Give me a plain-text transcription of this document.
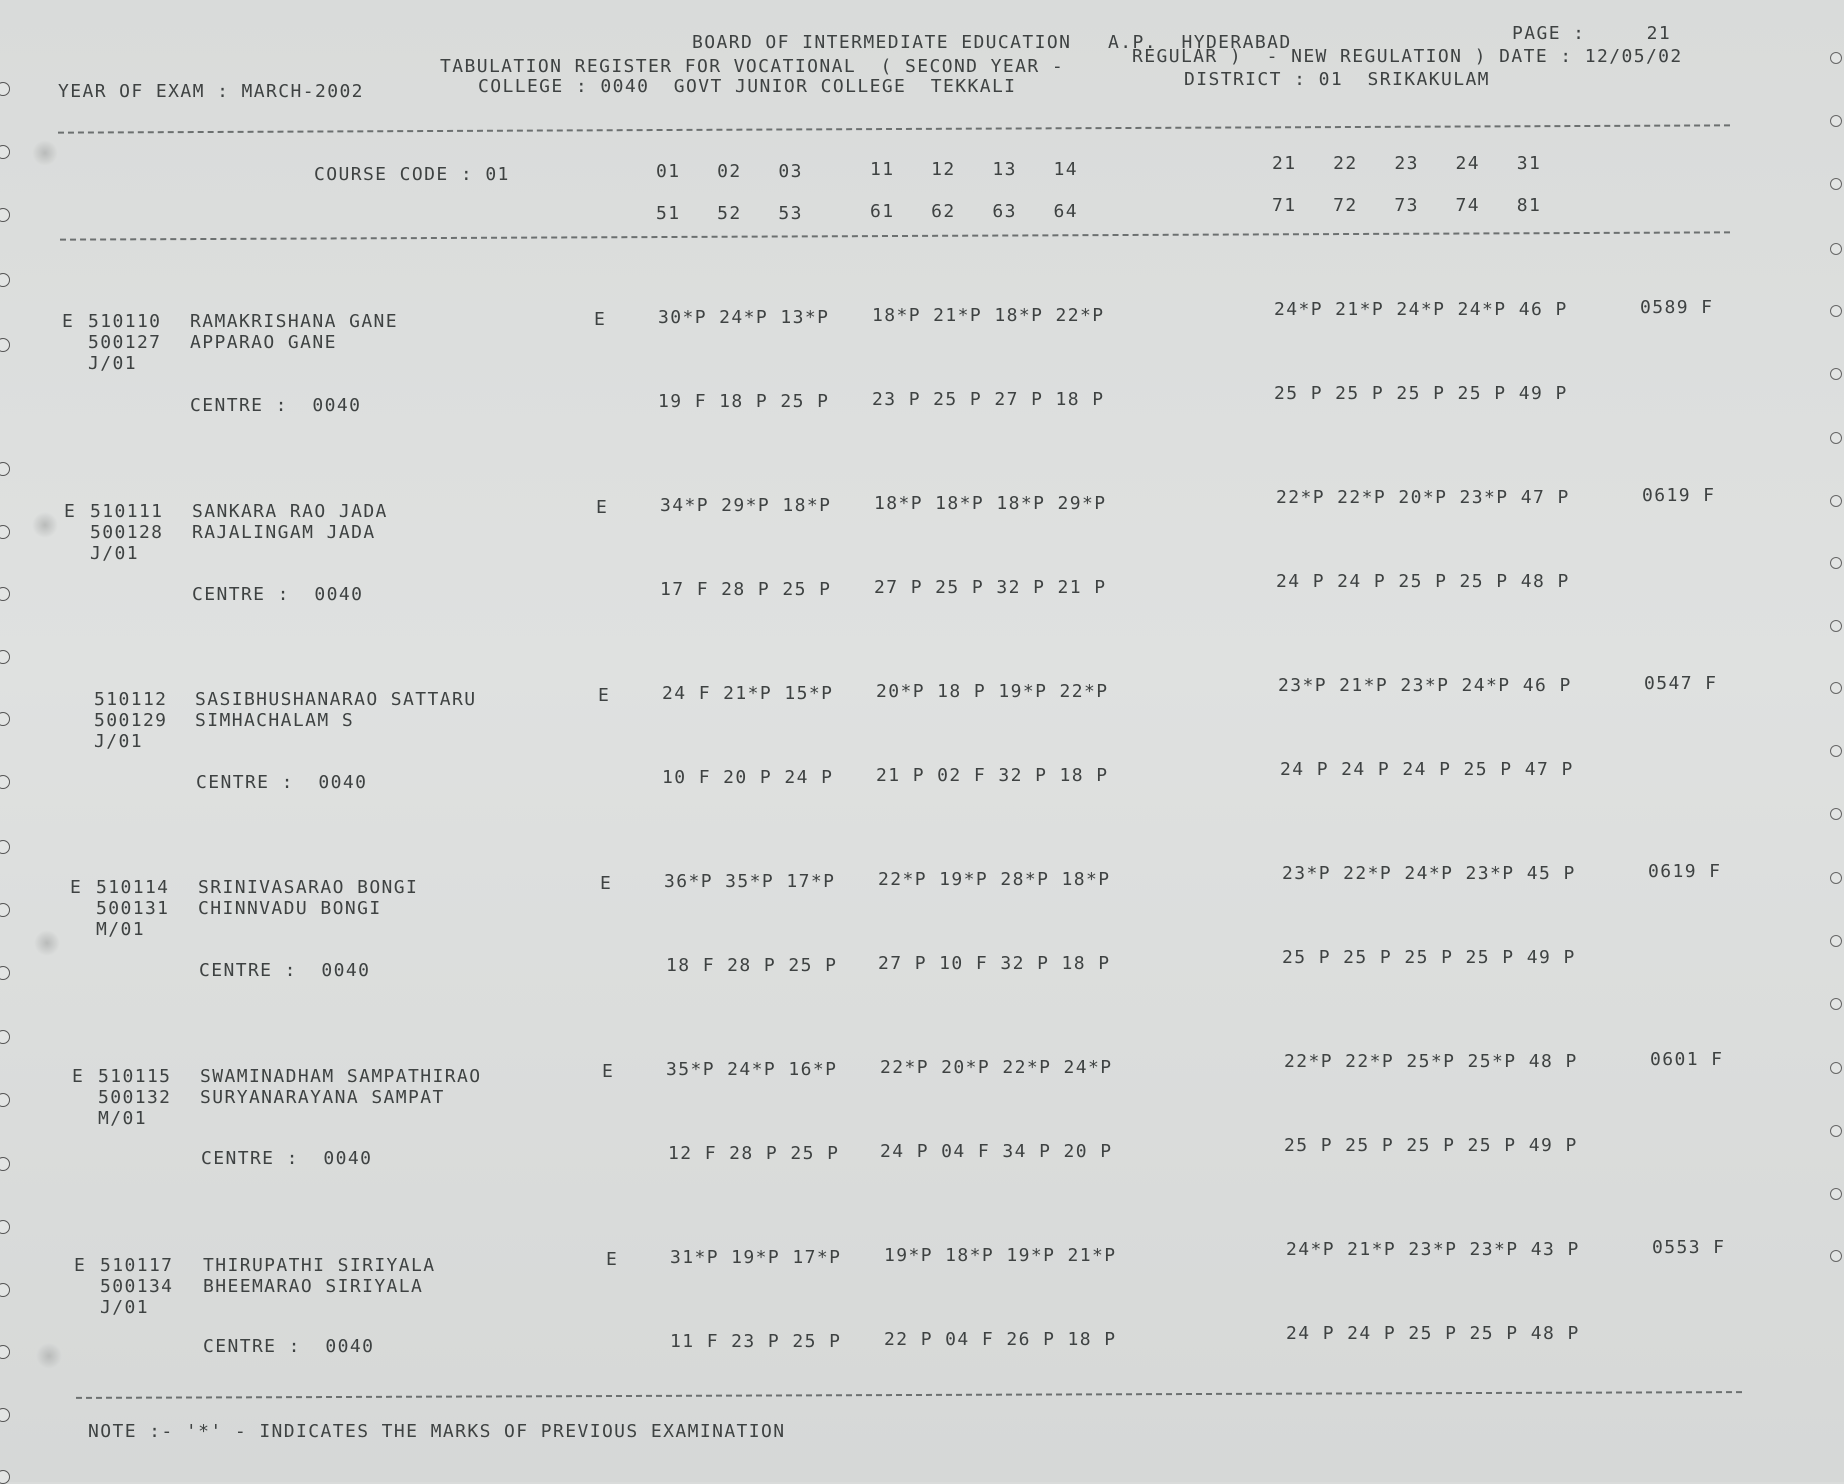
BOARD OF INTERMEDIATE EDUCATION   A.P.  HYDERABAD
TABULATION REGISTER FOR VOCATIONAL  ( SECOND YEAR -	REGULAR )  - NEW REGULATION ) DATE : 12/05/02
PAGE :     21
YEAR OF EXAM : MARCH-2002	COLLEGE : 0040  GOVT JUNIOR COLLEGE  TEKKALI	DISTRICT : 01  SRIKAKULAM
COURSE CODE : 01	01   02   03	11   12   13   14	21   22   23   24   31
51   52   53	61   62   63   64	71   72   73   74   81
E 510110 RAMAKRISHANA GANE
500127 APPARAO GANE
J/01
E	30*P 24*P 13*P 18*P 21*P 18*P 22*P	24*P 21*P 24*P 24*P 46 P	0589 F
CENTRE :  0040	19 F 18 P 25 P 23 P 25 P 27 P 18 P	25 P 25 P 25 P 25 P 49 P
E 510111 SANKARA RAO JADA
500128 RAJALINGAM JADA
J/01
E	34*P 29*P 18*P 18*P 18*P 18*P 29*P	22*P 22*P 20*P 23*P 47 P	0619 F
CENTRE :  0040	17 F 28 P 25 P 27 P 25 P 32 P 21 P	24 P 24 P 25 P 25 P 48 P
510112 SASIBHUSHANARAO SATTARU
500129 SIMHACHALAM S
J/01
E	24 F 21*P 15*P 20*P 18 P 19*P 22*P	23*P 21*P 23*P 24*P 46 P	0547 F
CENTRE :  0040	10 F 20 P 24 P 21 P 02 F 32 P 18 P	24 P 24 P 24 P 25 P 47 P
E 510114 SRINIVASARAO BONGI
500131 CHINNVADU BONGI
M/01
E	36*P 35*P 17*P 22*P 19*P 28*P 18*P	23*P 22*P 24*P 23*P 45 P	0619 F
CENTRE :  0040	18 F 28 P 25 P 27 P 10 F 32 P 18 P	25 P 25 P 25 P 25 P 49 P
E 510115 SWAMINADHAM SAMPATHIRAO
500132 SURYANARAYANA SAMPAT
M/01
E	35*P 24*P 16*P 22*P 20*P 22*P 24*P	22*P 22*P 25*P 25*P 48 P	0601 F
CENTRE :  0040	12 F 28 P 25 P 24 P 04 F 34 P 20 P	25 P 25 P 25 P 25 P 49 P
E 510117 THIRUPATHI SIRIYALA
500134 BHEEMARAO SIRIYALA
J/01
E	31*P 19*P 17*P 19*P 18*P 19*P 21*P	24*P 21*P 23*P 23*P 43 P	0553 F
CENTRE :  0040	11 F 23 P 25 P 22 P 04 F 26 P 18 P	24 P 24 P 25 P 25 P 48 P
NOTE :- '*' - INDICATES THE MARKS OF PREVIOUS EXAMINATION
